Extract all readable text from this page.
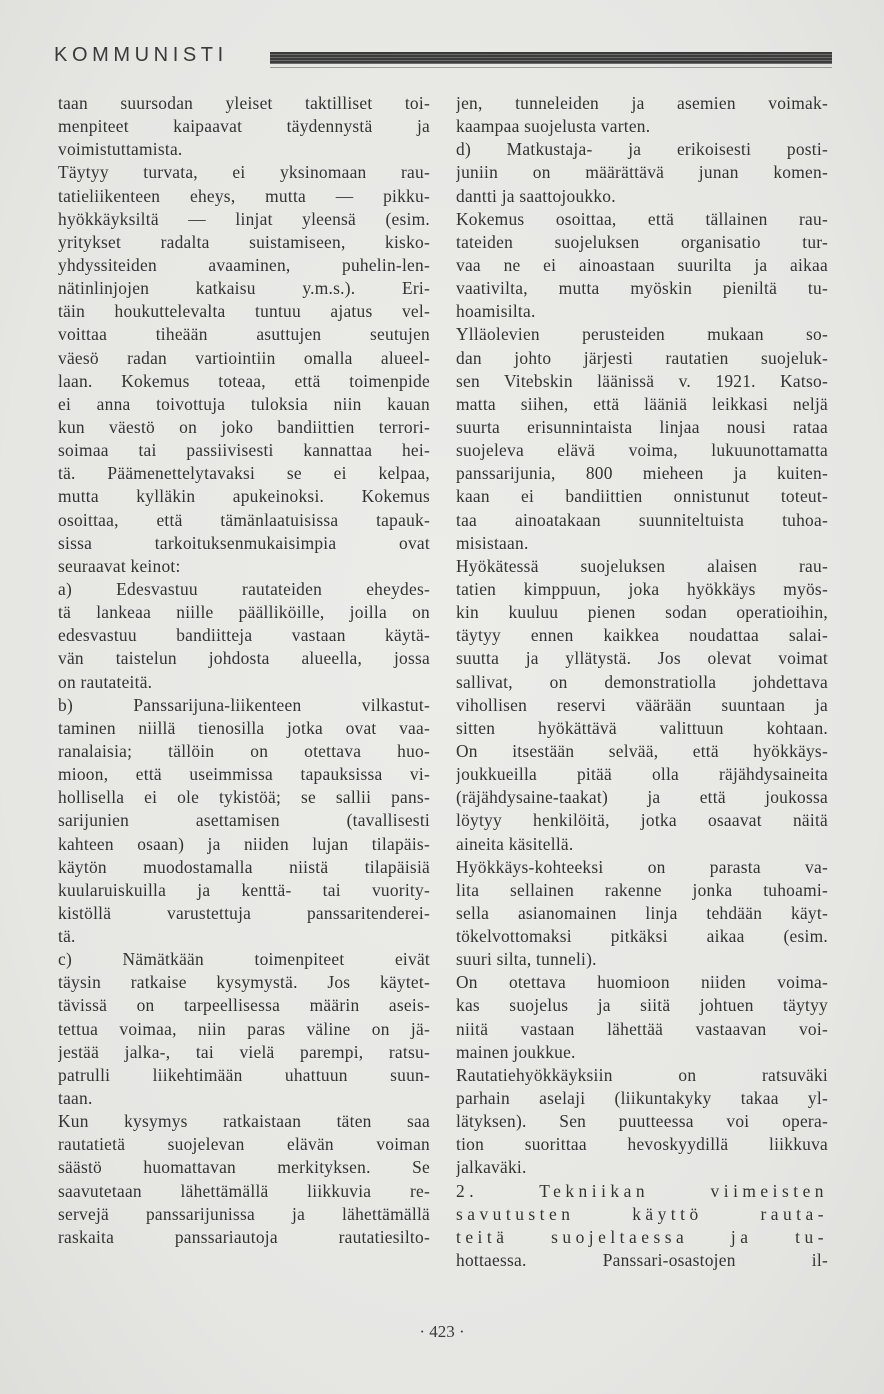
KOMMUNISTI
taan suursodan yleiset taktilliset toi-
menpiteet kaipaavat täydennystä ja
voimistuttamista.
Täytyy turvata, ei yksinomaan rau-
tatieliikenteen eheys, mutta — pikku-
hyökkäyksiltä — linjat yleensä (esim.
yritykset radalta suistamiseen, kisko-
yhdyssiteiden avaaminen, puhelin-len-
nätinlinjojen katkaisu y.m.s.). Eri-
täin houkuttelevalta tuntuu ajatus vel-
voittaa tiheään asuttujen seutujen
väesö radan vartiointiin omalla alueel-
laan. Kokemus toteaa, että toimenpide
ei anna toivottuja tuloksia niin kauan
kun väestö on joko bandiittien terrori-
soimaa tai passiivisesti kannattaa hei-
tä. Päämenettelytavaksi se ei kelpaa,
mutta kylläkin apukeinoksi. Kokemus
osoittaa, että tämänlaatuisissa tapauk-
sissa tarkoituksenmukaisimpia ovat
seuraavat keinot:
a) Edesvastuu rautateiden eheydes-
tä lankeaa niille päälliköille, joilla on
edesvastuu bandiitteja vastaan käytä-
vän taistelun johdosta alueella, jossa
on rautateitä.
b) Panssarijuna-liikenteen vilkastut-
taminen niillä tienosilla jotka ovat vaa-
ranalaisia; tällöin on otettava huo-
mioon, että useimmissa tapauksissa vi-
hollisella ei ole tykistöä; se sallii pans-
sarijunien asettamisen (tavallisesti
kahteen osaan) ja niiden lujan tilapäis-
käytön muodostamalla niistä tilapäisiä
kuularuiskuilla ja kenttä- tai vuority-
kistöllä varustettuja panssaritenderei-
tä.
c) Nämätkään toimenpiteet eivät
täysin ratkaise kysymystä. Jos käytet-
tävissä on tarpeellisessa määrin aseis-
tettua voimaa, niin paras väline on jä-
jestää jalka-, tai vielä parempi, ratsu-
patrulli liikehtimään uhattuun suun-
taan.
Kun kysymys ratkaistaan täten saa
rautatietä suojelevan elävän voiman
säästö huomattavan merkityksen. Se
saavutetaan lähettämällä liikkuvia re-
servejä panssarijunissa ja lähettämällä
raskaita panssariautoja rautatiesilto-
jen, tunneleiden ja asemien voimak-
kaampaa suojelusta varten.
d) Matkustaja- ja erikoisesti posti-
juniin on määrättävä junan komen-
dantti ja saattojoukko.
Kokemus osoittaa, että tällainen rau-
tateiden suojeluksen organisatio tur-
vaa ne ei ainoastaan suurilta ja aikaa
vaativilta, mutta myöskin pieniltä tu-
hoamisilta.
Ylläolevien perusteiden mukaan so-
dan johto järjesti rautatien suojeluk-
sen Vitebskin läänissä v. 1921. Katso-
matta siihen, että lääniä leikkasi neljä
suurta erisunnintaista linjaa nousi rataa
suojeleva elävä voima, lukuunottamatta
panssarijunia, 800 mieheen ja kuiten-
kaan ei bandiittien onnistunut toteut-
taa ainoatakaan suunniteltuista tuhoa-
misistaan.
Hyökätessä suojeluksen alaisen rau-
tatien kimppuun, joka hyökkäys myös-
kin kuuluu pienen sodan operatioihin,
täytyy ennen kaikkea noudattaa salai-
suutta ja yllätystä. Jos olevat voimat
sallivat, on demonstratiolla johdettava
vihollisen reservi väärään suuntaan ja
sitten hyökättävä valittuun kohtaan.
On itsestään selvää, että hyökkäys-
joukkueilla pitää olla räjähdysaineita
(räjähdysaine-taakat) ja että joukossa
löytyy henkilöitä, jotka osaavat näitä
aineita käsitellä.
Hyökkäys-kohteeksi on parasta va-
lita sellainen rakenne jonka tuhoami-
sella asianomainen linja tehdään käyt-
tökelvottomaksi pitkäksi aikaa (esim.
suuri silta, tunneli).
On otettava huomioon niiden voima-
kas suojelus ja siitä johtuen täytyy
niitä vastaan lähettää vastaavan voi-
mainen joukkue.
Rautatiehyökkäyksiin on ratsuväki
parhain aselaji (liikuntakyky takaa yl-
lätyksen). Sen puutteessa voi opera-
tion suorittaa hevoskyydillä liikkuva
jalkaväki.
2. Tekniikan viimeisten
savutusten käyttö rauta-
teitä suojeltaessa ja tu-
hottaessa. Panssari-osastojen il-
· 423 ·
